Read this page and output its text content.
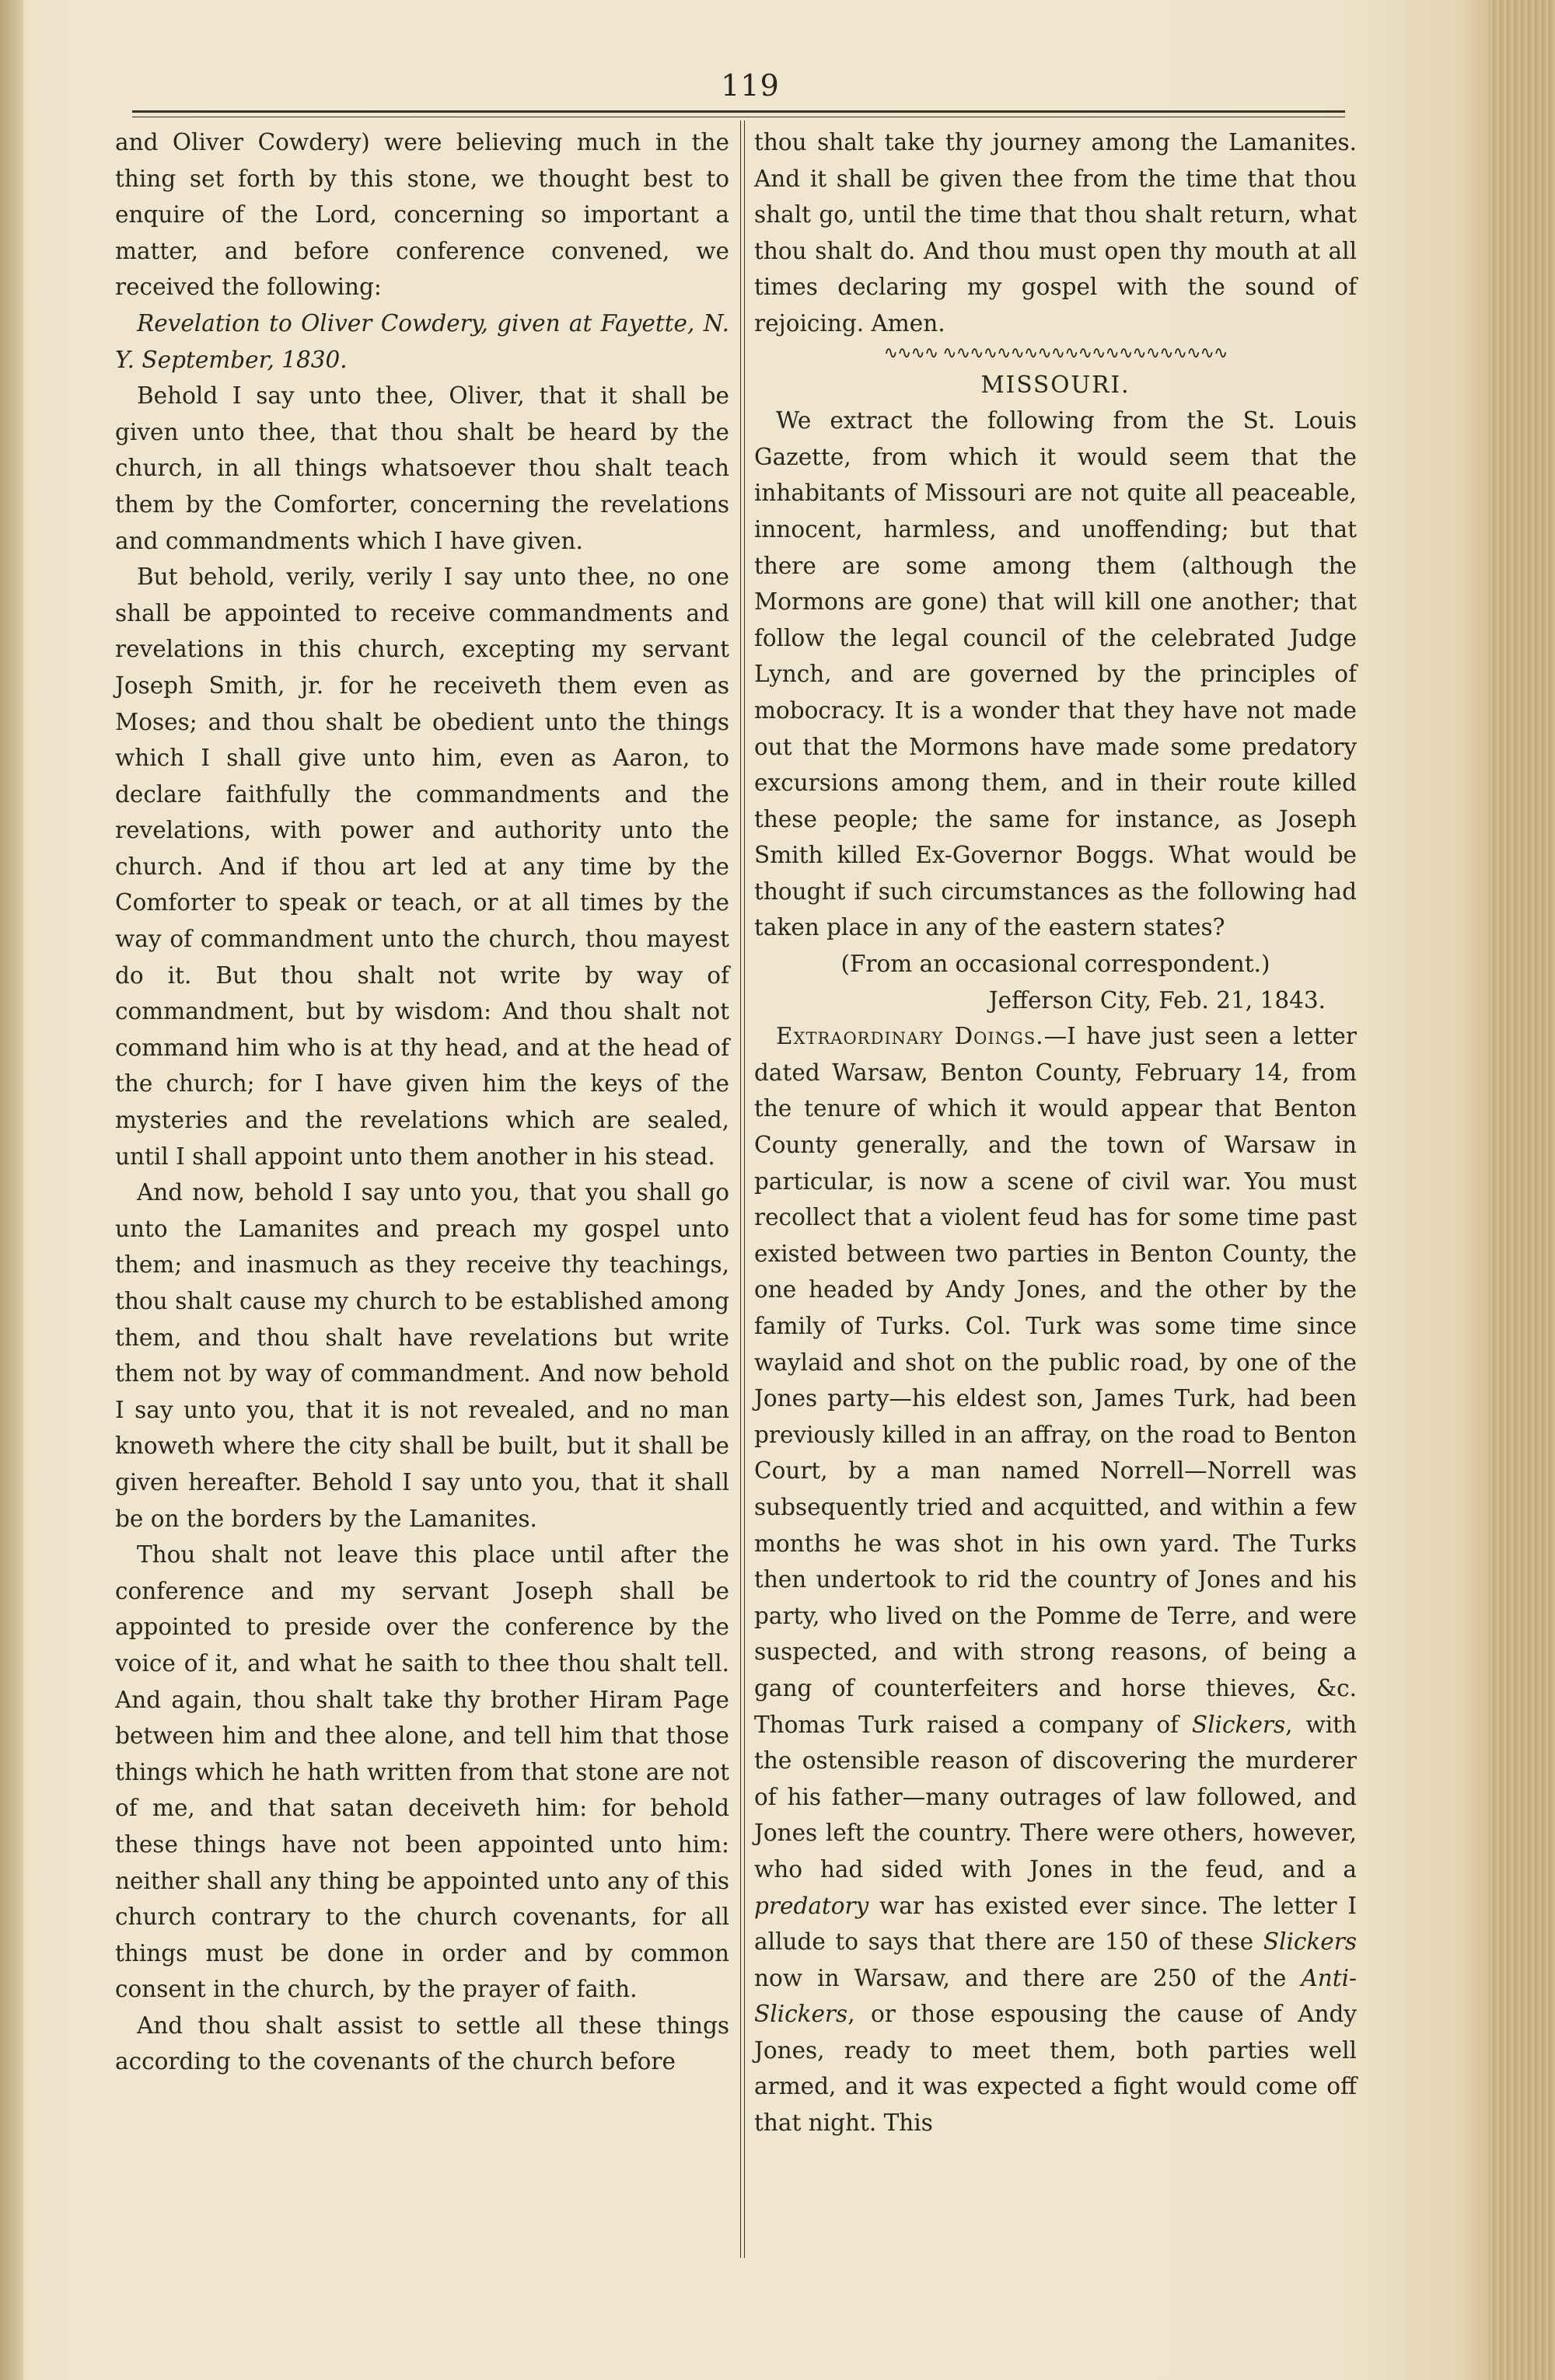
119

and Oliver Cowdery) were believing much in the thing set forth by this stone, we thought best to enquire of the Lord, concerning so important a matter, and before conference convened, we received the following:

Revelation to Oliver Cowdery, given at Fayette, N. Y. September, 1830.

Behold I say unto thee, Oliver, that it shall be given unto thee, that thou shalt be heard by the church, in all things whatsoever thou shalt teach them by the Comforter, concerning the revelations and commandments which I have given.

But behold, verily, verily I say unto thee, no one shall be appointed to receive commandments and revelations in this church, excepting my servant Joseph Smith, jr. for he receiveth them even as Moses; and thou shalt be obedient unto the things which I shall give unto him, even as Aaron, to declare faithfully the commandments and the revelations, with power and authority unto the church. And if thou art led at any time by the Comforter to speak or teach, or at all times by the way of commandment unto the church, thou mayest do it. But thou shalt not write by way of commandment, but by wisdom: And thou shalt not command him who is at thy head, and at the head of the church; for I have given him the keys of the mysteries and the revelations which are sealed, until I shall appoint unto them another in his stead.

And now, behold I say unto you, that you shall go unto the Lamanites and preach my gospel unto them; and inasmuch as they receive thy teachings, thou shalt cause my church to be established among them, and thou shalt have revelations but write them not by way of commandment. And now behold I say unto you, that it is not revealed, and no man knoweth where the city shall be built, but it shall be given hereafter. Behold I say unto you, that it shall be on the borders by the Lamanites.

Thou shalt not leave this place until after the conference and my servant Joseph shall be appointed to preside over the conference by the voice of it, and what he saith to thee thou shalt tell. And again, thou shalt take thy brother Hiram Page between him and thee alone, and tell him that those things which he hath written from that stone are not of me, and that satan deceiveth him: for behold these things have not been appointed unto him: neither shall any thing be appointed unto any of this church contrary to the church covenants, for all things must be done in order and by common consent in the church, by the prayer of faith.

And thou shalt assist to settle all these things according to the covenants of the church before

thou shalt take thy journey among the Lamanites. And it shall be given thee from the time that thou shalt go, until the time that thou shalt return, what thou shalt do. And thou must open thy mouth at all times declaring my gospel with the sound of rejoicing. Amen.

∿∿∿∿ ∿∿∿∿∿∿∿∿∿∿∿∿∿∿∿∿∿∿∿∿∿

MISSOURI.

We extract the following from the St. Louis Gazette, from which it would seem that the inhabitants of Missouri are not quite all peaceable, innocent, harmless, and unoffending; but that there are some among them (although the Mormons are gone) that will kill one another; that follow the legal council of the celebrated Judge Lynch, and are governed by the principles of mobocracy. It is a wonder that they have not made out that the Mormons have made some predatory excursions among them, and in their route killed these people; the same for instance, as Joseph Smith killed Ex-Governor Boggs. What would be thought if such circumstances as the following had taken place in any of the eastern states?

(From an occasional correspondent.)

Jefferson City, Feb. 21, 1843.

Extraordinary Doings.—I have just seen a letter dated Warsaw, Benton County, February 14, from the tenure of which it would appear that Benton County generally, and the town of Warsaw in particular, is now a scene of civil war. You must recollect that a violent feud has for some time past existed between two parties in Benton County, the one headed by Andy Jones, and the other by the family of Turks. Col. Turk was some time since waylaid and shot on the public road, by one of the Jones party—his eldest son, James Turk, had been previously killed in an affray, on the road to Benton Court, by a man named Norrell—Norrell was subsequently tried and acquitted, and within a few months he was shot in his own yard. The Turks then undertook to rid the country of Jones and his party, who lived on the Pomme de Terre, and were suspected, and with strong reasons, of being a gang of counterfeiters and horse thieves, &c. Thomas Turk raised a company of Slickers, with the ostensible reason of discovering the murderer of his father—many outrages of law followed, and Jones left the country. There were others, however, who had sided with Jones in the feud, and a predatory war has existed ever since. The letter I allude to says that there are 150 of these Slickers now in Warsaw, and there are 250 of the Anti-Slickers, or those espousing the cause of Andy Jones, ready to meet them, both parties well armed, and it was expected a fight would come off that night. This
